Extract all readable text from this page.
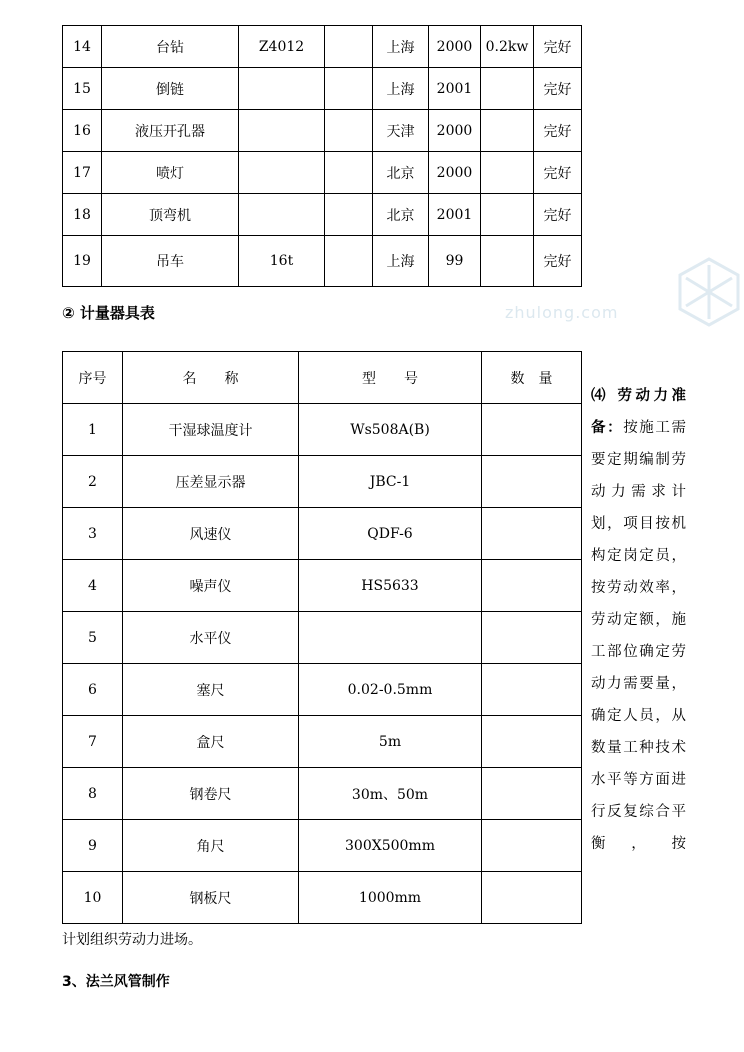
14	台钻	Z4012		上海	2000	0.2kw	完好
15	倒链			上海	2001		完好
16	液压开孔器			天津	2000		完好
17	喷灯			北京	2000		完好
18	顶弯机			北京	2001		完好
19	吊车	16t		上海	99		完好
② 计量器具表	zhulong.com
序号	名　　称	型　　号	数　量
1	干湿球温度计	Ws508A(B)	
2	压差显示器	JBC-1	
3	风速仪	QDF-6	
4	噪声仪	HS5633	
5	水平仪		
6	塞尺	0.02-0.5mm	
7	盒尺	5m	
8	钢卷尺	30m、50m	
9	角尺	300X500mm	
10	钢板尺	1000mm	
⑷ 劳动力准备：按施工需要定期编制劳动力需求计划，项目按机构定岗定员，按劳动效率，劳动定额，施工部位确定劳动力需要量，确定人员，从数量工种技术水平等方面进行反复综合平衡，按
计划组织劳动力进场。
3、法兰风管制作
